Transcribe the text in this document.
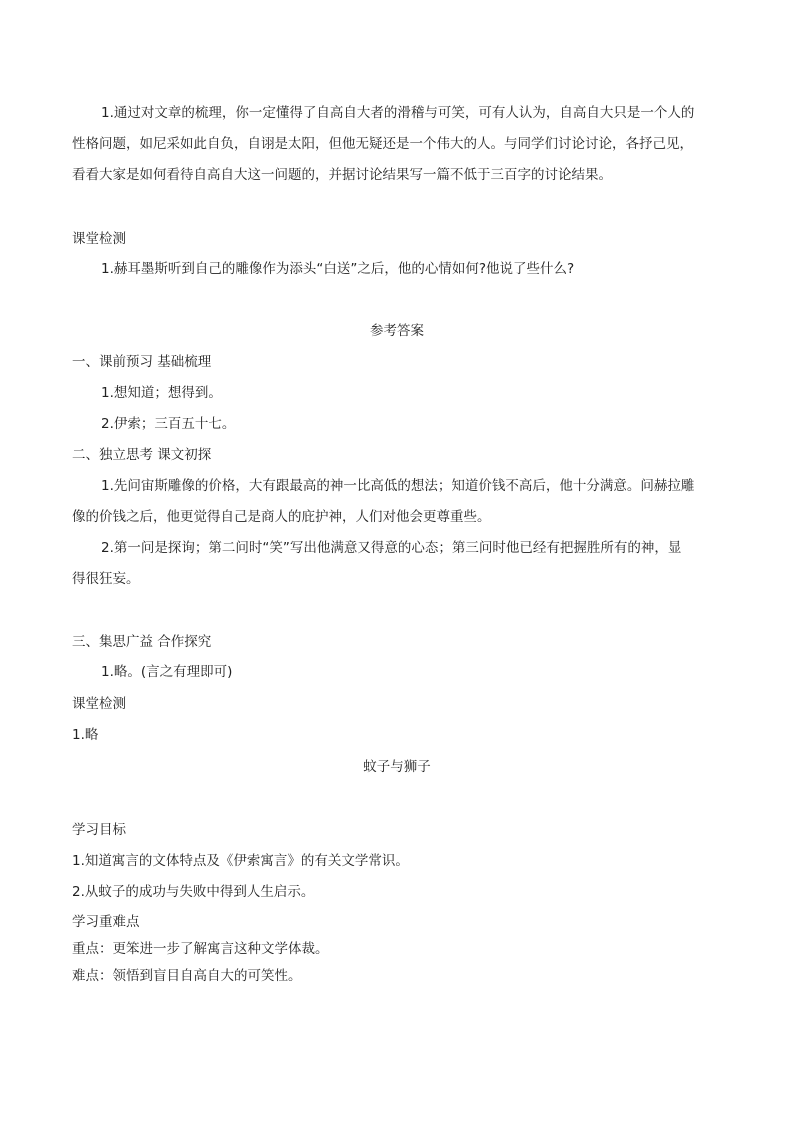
1.通过对文章的梳理，你一定懂得了自高自大者的滑稽与可笑，可有人认为，自高自大只是一个人的
性格问题，如尼采如此自负，自诩是太阳，但他无疑还是一个伟大的人。与同学们讨论讨论，各抒己见，
看看大家是如何看待自高自大这一问题的，并据讨论结果写一篇不低于三百字的讨论结果。
课堂检测
1.赫耳墨斯听到自己的雕像作为添头“白送”之后，他的心情如何?他说了些什么?
参考答案
一、课前预习 基础梳理
1.想知道；想得到。
2.伊索；三百五十七。
二、独立思考 课文初探
1.先问宙斯雕像的价格，大有跟最高的神一比高低的想法；知道价钱不高后，他十分满意。问赫拉雕
像的价钱之后，他更觉得自己是商人的庇护神，人们对他会更尊重些。
2.第一问是探询；第二问时“笑”写出他满意又得意的心态；第三问时他已经有把握胜所有的神，显
得很狂妄。
三、集思广益 合作探究
1.略。(言之有理即可)
课堂检测
1.略
蚊子与狮子
学习目标
1.知道寓言的文体特点及《伊索寓言》的有关文学常识。
2.从蚊子的成功与失败中得到人生启示。
学习重难点
重点：更笨进一步了解寓言这种文学体裁。
难点：领悟到盲目自高自大的可笑性。
